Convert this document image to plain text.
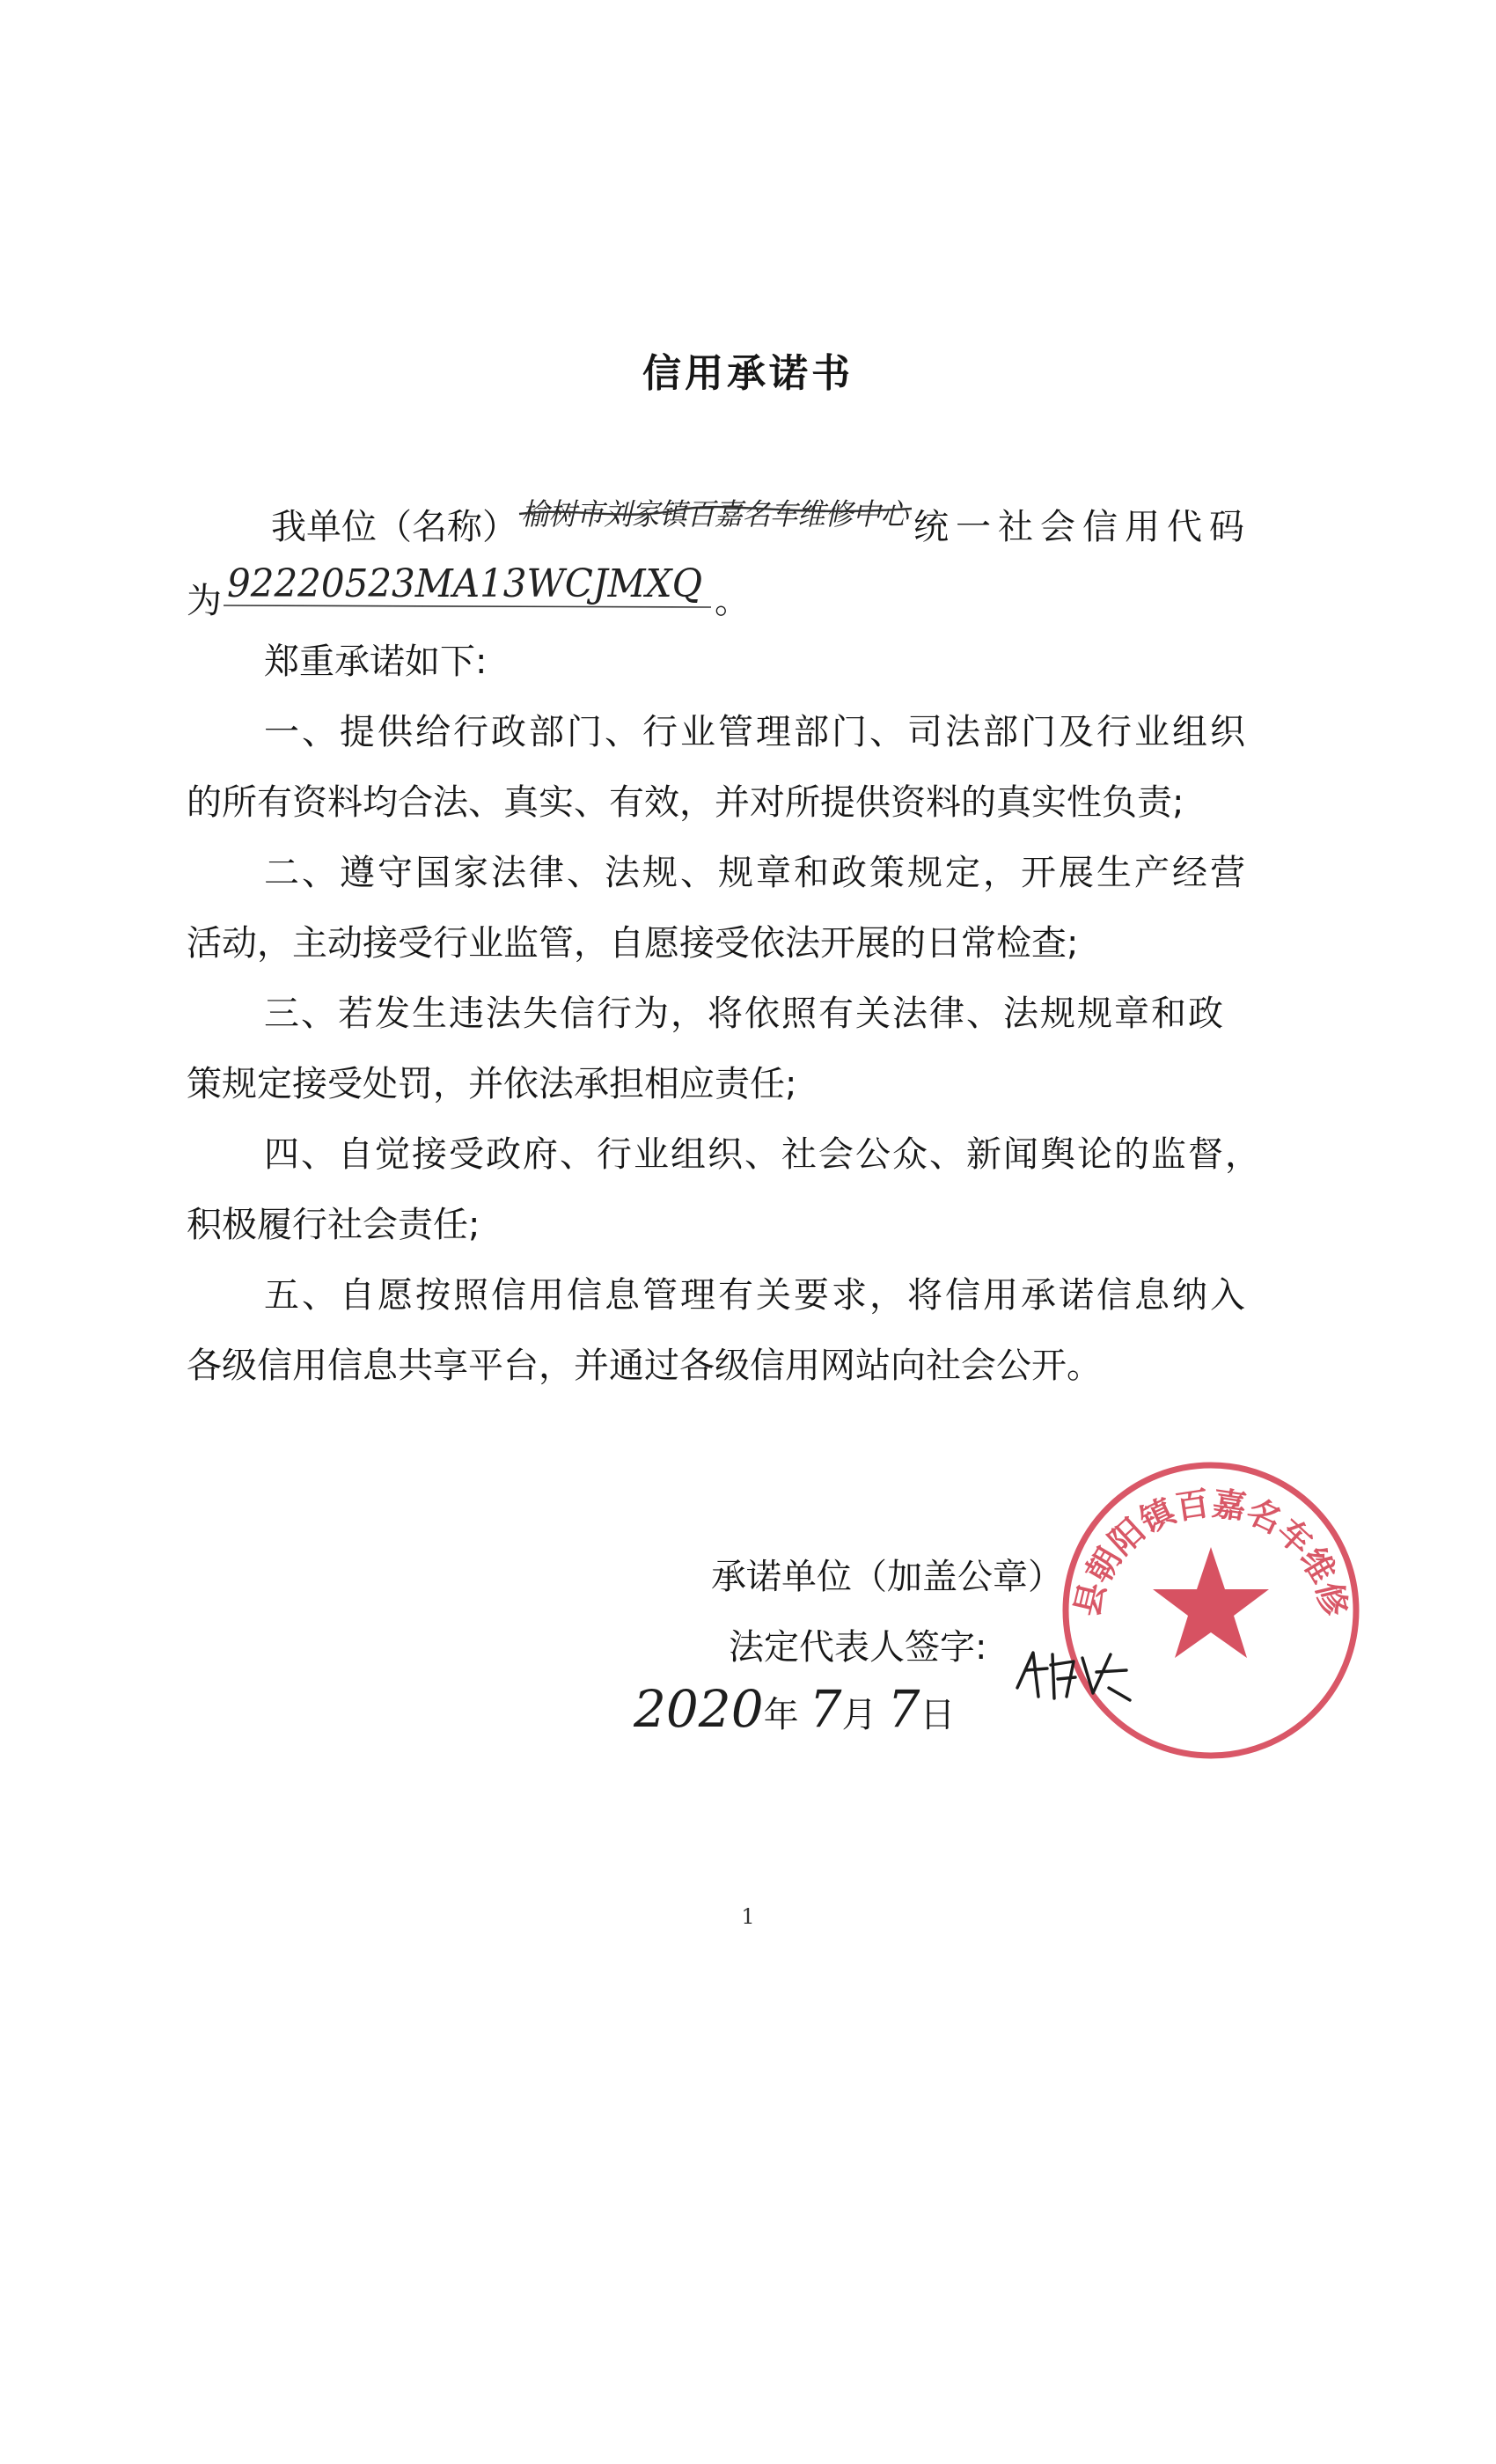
信用承诺书
我单位（名称） 榆树市刘家镇百嘉名车维修中心 统一社会信用代码
为 92220523MA13WCJMXQ 。
郑重承诺如下:
一、提供给行政部门、行业管理部门、司法部门及行业组织
的所有资料均合法、真实、有效，并对所提供资料的真实性负责;
二、遵守国家法律、法规、规章和政策规定，开展生产经营
活动，主动接受行业监管，自愿接受依法开展的日常检查;
三、若发生违法失信行为，将依照有关法律、法规规章和政
策规定接受处罚，并依法承担相应责任;
四、自觉接受政府、行业组织、社会公众、新闻舆论的监督，
积极履行社会责任;
五、自愿按照信用信息管理有关要求，将信用承诺信息纳入
各级信用信息共享平台，并通过各级信用网站向社会公开。
承诺单位（加盖公章）
法定代表人签字:
县朝阳镇百嘉名车维修
2020年 7月 7日
1
